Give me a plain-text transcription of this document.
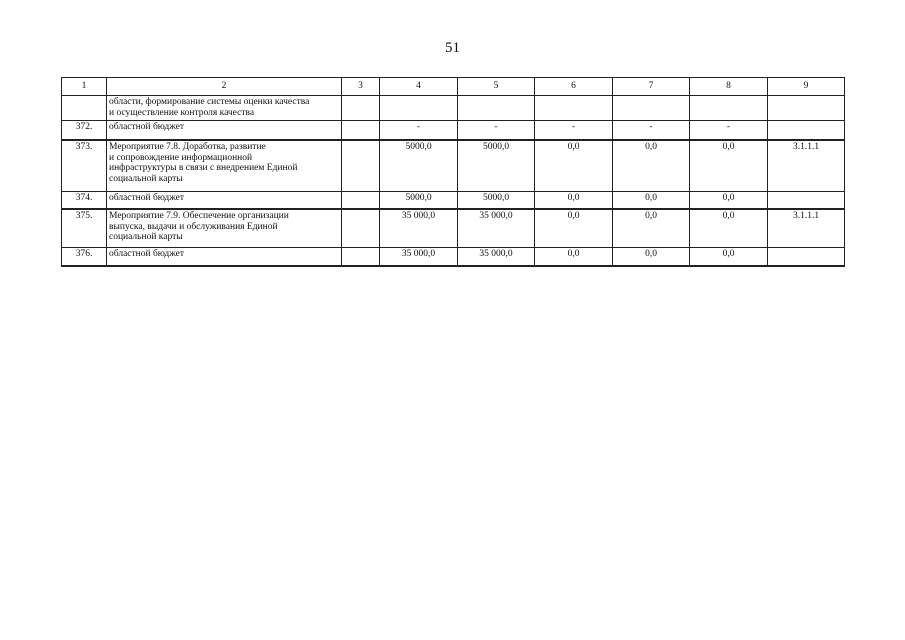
51
1	2	3	4	5	6	7	8	9
	области, формирование системы оценки качества
и осуществление контроля качества							
372.	областной бюджет		-	-	-	-	-	
373.	Мероприятие 7.8. Доработка, развитие
и сопровождение информационной
инфраструктуры в связи с внедрением Единой
социальной карты		5000,0	5000,0	0,0	0,0	0,0	3.1.1.1
374.	областной бюджет		5000,0	5000,0	0,0	0,0	0,0	
375.	Мероприятие 7.9. Обеспечение организации
выпуска, выдачи и обслуживания Единой
социальной карты		35 000,0	35 000,0	0,0	0,0	0,0	3.1.1.1
376.	областной бюджет		35 000,0	35 000,0	0,0	0,0	0,0	
